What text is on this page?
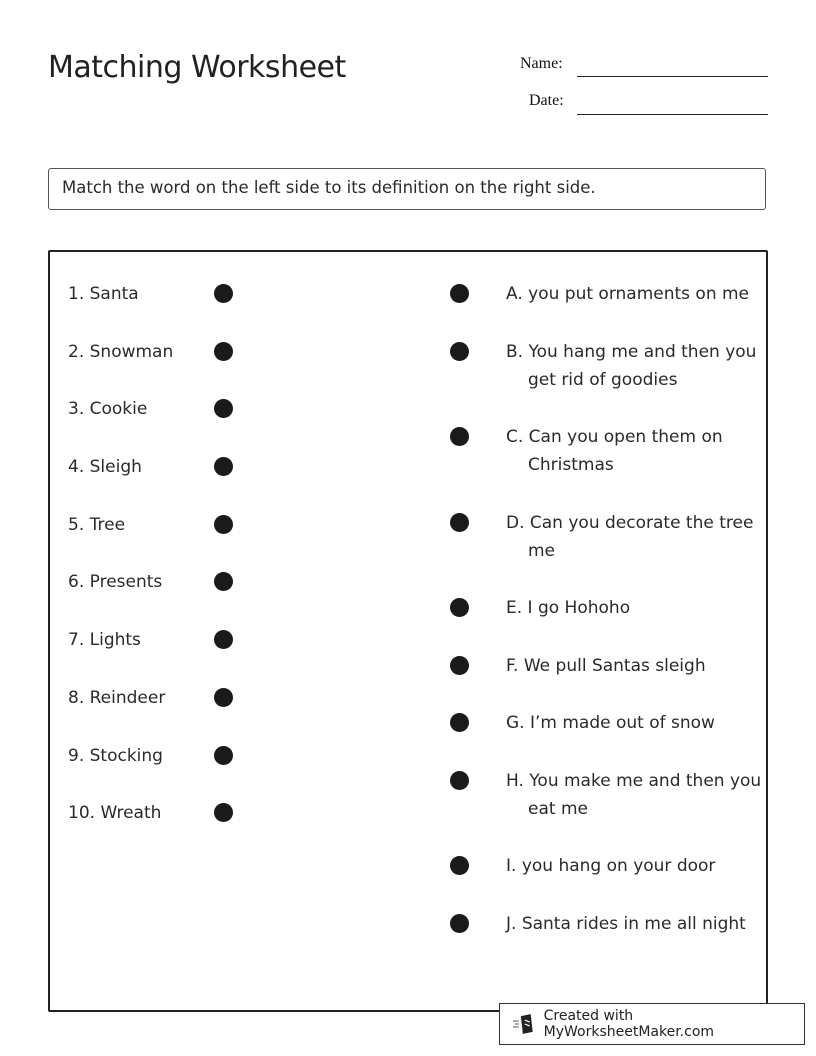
Matching Worksheet	Name:
Date:
Match the word on the left side to its definition on the right side.
1. Santa
2. Snowman
3. Cookie
4. Sleigh
5. Tree
6. Presents
7. Lights
8. Reindeer
9. Stocking
10. Wreath
A. you put ornaments on me
B. You hang me and then you get rid of goodies
C. Can you open them on Christmas
D. Can you decorate the tree me
E. I go Hohoho
F. We pull Santas sleigh
G. I’m made out of snow
H. You make me and then you eat me
I. you hang on your door
J. Santa rides in me all night
Created with MyWorksheetMaker.com
